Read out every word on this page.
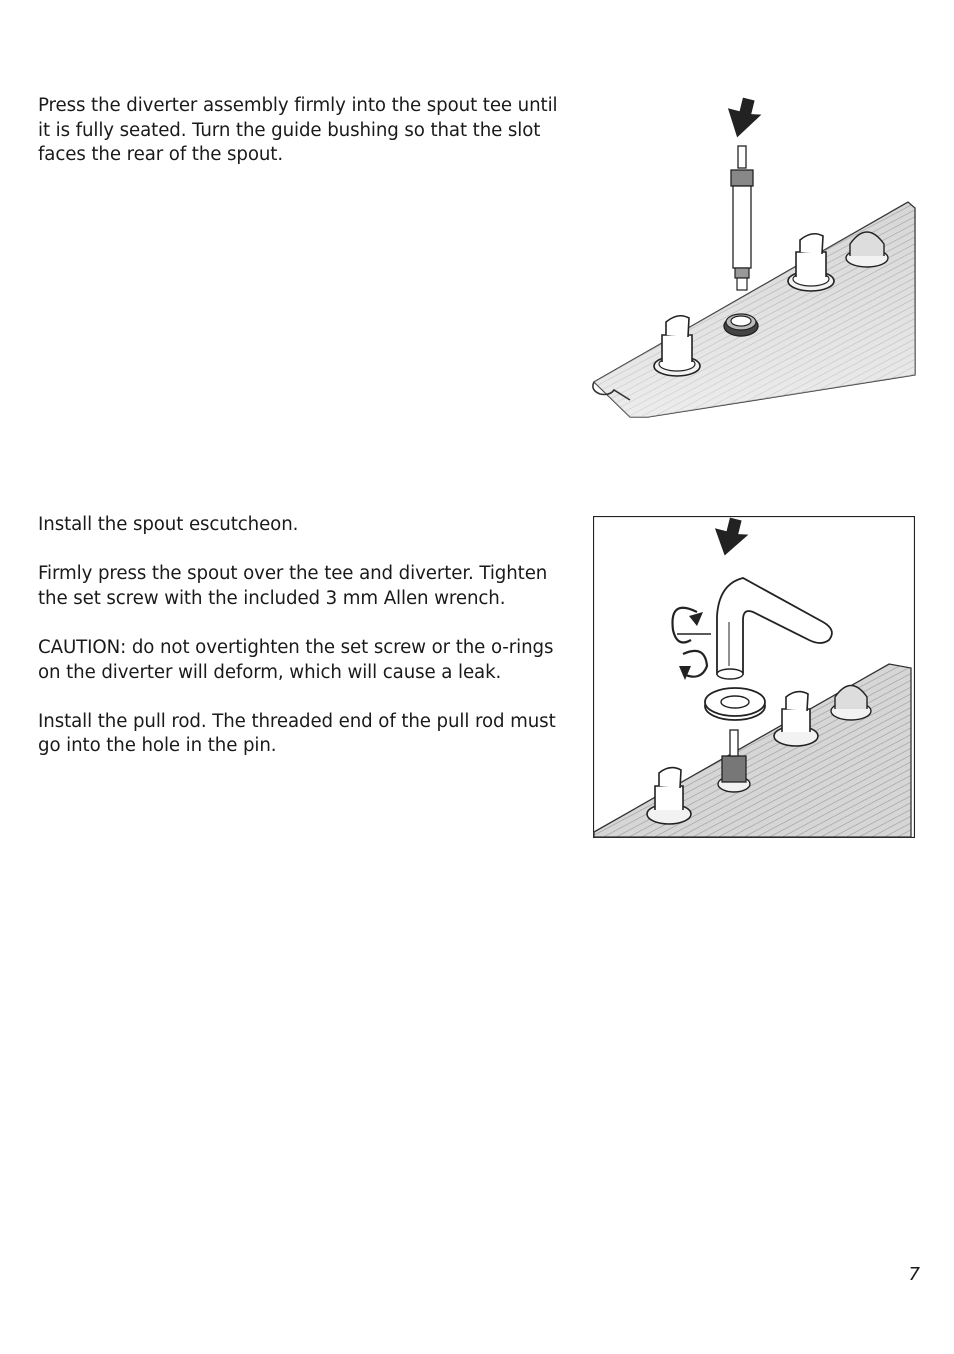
Press the diverter assembly firmly into the spout tee until

it is fully seated. Turn the guide bushing so that the slot

faces the rear of the spout.

Install the spout escutcheon.

Firmly press the spout over the tee and diverter. Tighten
the set screw with the included 3 mm Allen wrench.

CAUTION: do not overtighten the set screw or the o-rings
on the diverter will deform, which will cause a leak.

Install the pull rod. The threaded end of the pull rod must
go into the hole in the pin.

7
